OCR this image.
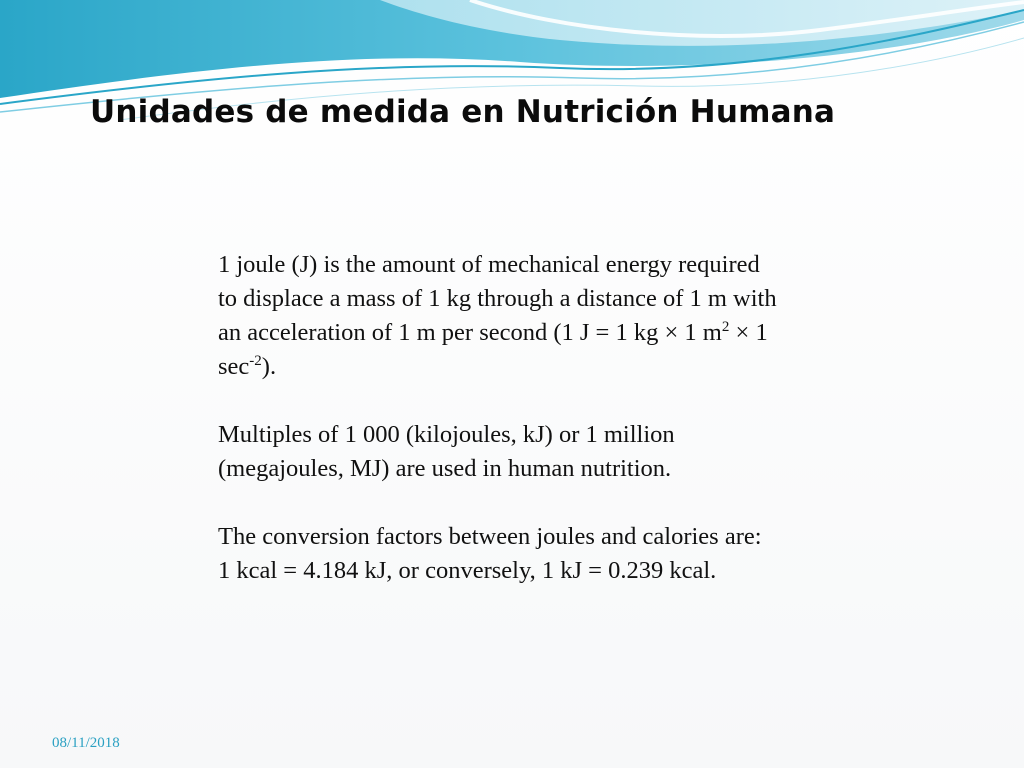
Unidades de medida en Nutrición Humana

1 joule (J) is the amount of mechanical energy required to displace a mass of 1 kg through a distance of 1 m with an acceleration of 1 m per second (1 J = 1 kg × 1 $m^2 \times 1$ $\sec^{-2}$).

Multiples of 1 000 (kilojoules, kJ) or 1 million (megajoules, MJ) are used in human nutrition.

The conversion factors between joules and calories are: 1 kcal = 4.184 kJ, or conversely, 1 kJ = 0.239 kcal.

08/11/2018
